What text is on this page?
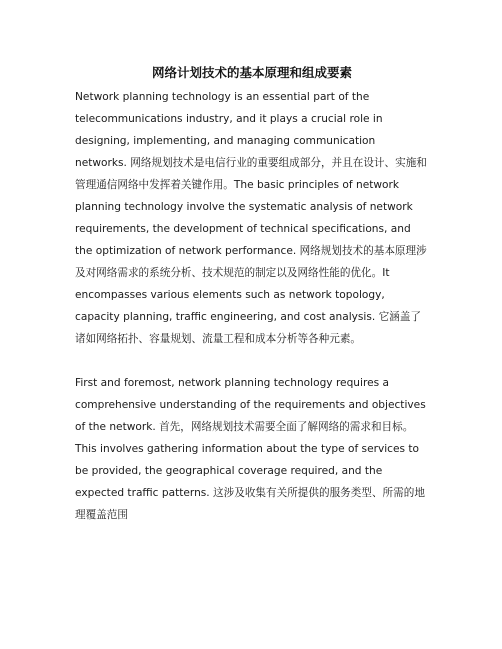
网络计划技术的基本原理和组成要素

Network planning technology is an essential part of the telecommunications industry, and it plays a crucial role in designing, implementing, and managing communication networks. 网络规划技术是电信行业的重要组成部分，并且在设计、实施和管理通信网络中发挥着关键作用。The basic principles of network planning technology involve the systematic analysis of network requirements, the development of technical specifications, and the optimization of network performance. 网络规划技术的基本原理涉及对网络需求的系统分析、技术规范的制定以及网络性能的优化。It encompasses various elements such as network topology, capacity planning, traffic engineering, and cost analysis. 它涵盖了诸如网络拓扑、容量规划、流量工程和成本分析等各种元素。

First and foremost, network planning technology requires a comprehensive understanding of the requirements and objectives of the network. 首先，网络规划技术需要全面了解网络的需求和目标。This involves gathering information about the type of services to be provided, the geographical coverage required, and the expected traffic patterns. 这涉及收集有关所提供的服务类型、所需的地理覆盖范围
